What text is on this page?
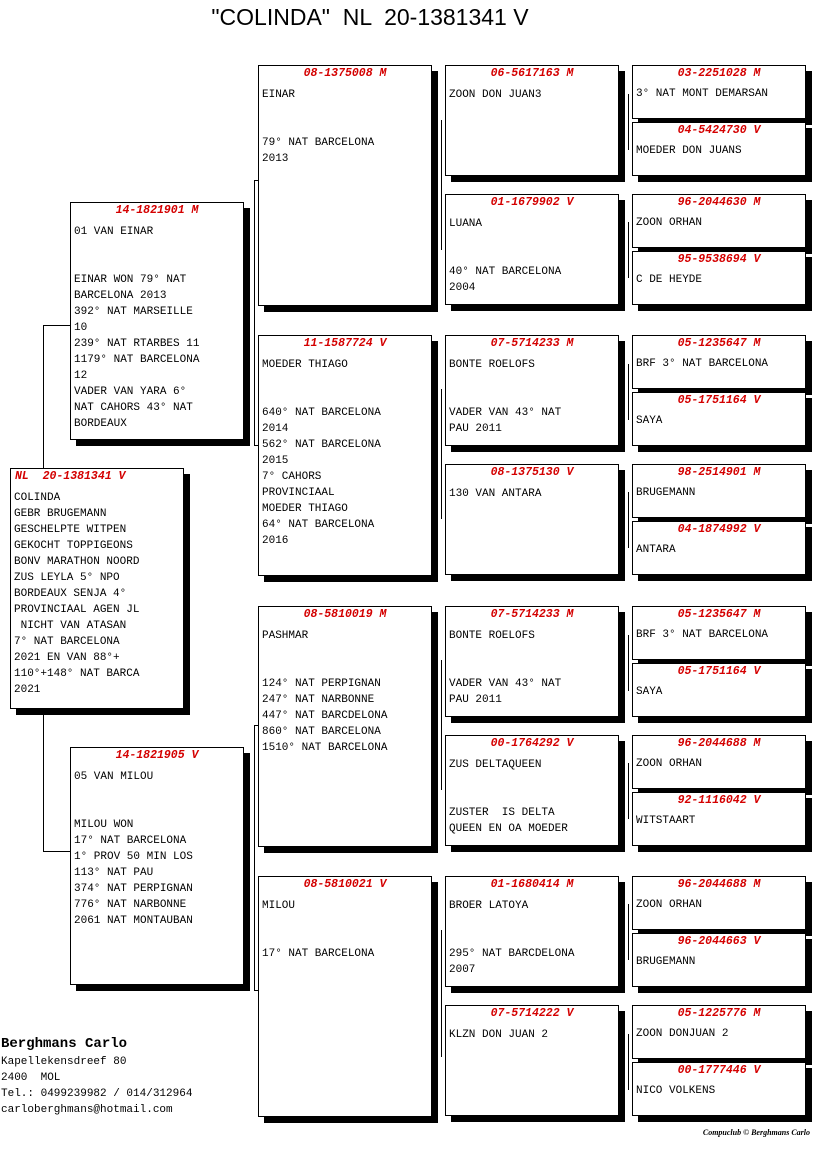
"COLINDA"  NL  20-1381341 V
NL  20-1381341 V
COLINDA
GEBR BRUGEMANN
GESCHELPTE WITPEN
GEKOCHT TOPPIGEONS
BONV MARATHON NOORD
ZUS LEYLA 5° NPO
BORDEAUX SENJA 4°
PROVINCIAAL AGEN JL
NICHT VAN ATASAN
7° NAT BARCELONA
2021 EN VAN 88°+
110°+148° NAT BARCA
2021
14-1821901 M
01 VAN EINAR

EINAR WON 79° NAT
BARCELONA 2013
392° NAT MARSEILLE
10
239° NAT RTARBES 11
1179° NAT BARCELONA
12
VADER VAN YARA 6°
NAT CAHORS 43° NAT
BORDEAUX
14-1821905 V
05 VAN MILOU

MILOU WON
17° NAT BARCELONA
1° PROV 50 MIN LOS
113° NAT PAU
374° NAT PERPIGNAN
776° NAT NARBONNE
2061 NAT MONTAUBAN
08-1375008 M
EINAR

79° NAT BARCELONA
2013
11-1587724 V
MOEDER THIAGO

640° NAT BARCELONA
2014
562° NAT BARCELONA
2015
7° CAHORS
PROVINCIAAL
MOEDER THIAGO
64° NAT BARCELONA
2016
08-5810019 M
PASHMAR

124° NAT PERPIGNAN
247° NAT NARBONNE
447° NAT BARCDELONA
860° NAT BARCELONA
1510° NAT BARCELONA
08-5810021 V
MILOU

17° NAT BARCELONA
06-5617163 M
ZOON DON JUAN3
01-1679902 V
LUANA

40° NAT BARCELONA
2004
07-5714233 M
BONTE ROELOFS

VADER VAN 43° NAT
PAU 2011
08-1375130 V
130 VAN ANTARA
07-5714233 M
BONTE ROELOFS

VADER VAN 43° NAT
PAU 2011
00-1764292 V
ZUS DELTAQUEEN

ZUSTER  IS DELTA
QUEEN EN OA MOEDER
01-1680414 M
BROER LATOYA

295° NAT BARCDELONA
2007
07-5714222 V
KLZN DON JUAN 2
03-2251028 M
3° NAT MONT DEMARSAN
04-5424730 V
MOEDER DON JUANS
96-2044630 M
ZOON ORHAN
95-9538694 V
C DE HEYDE
05-1235647 M
BRF 3° NAT BARCELONA
05-1751164 V
SAYA
98-2514901 M
BRUGEMANN
04-1874992 V
ANTARA
05-1235647 M
BRF 3° NAT BARCELONA
05-1751164 V
SAYA
96-2044688 M
ZOON ORHAN
92-1116042 V
WITSTAART
96-2044688 M
ZOON ORHAN
96-2044663 V
BRUGEMANN
05-1225776 M
ZOON DONJUAN 2
00-1777446 V
NICO VOLKENS
Berghmans Carlo
Kapellekensdreef 80
2400  MOL
Tel.: 0499239982 / 014/312964
carloberghmans@hotmail.com
Compuclub © Berghmans Carlo
